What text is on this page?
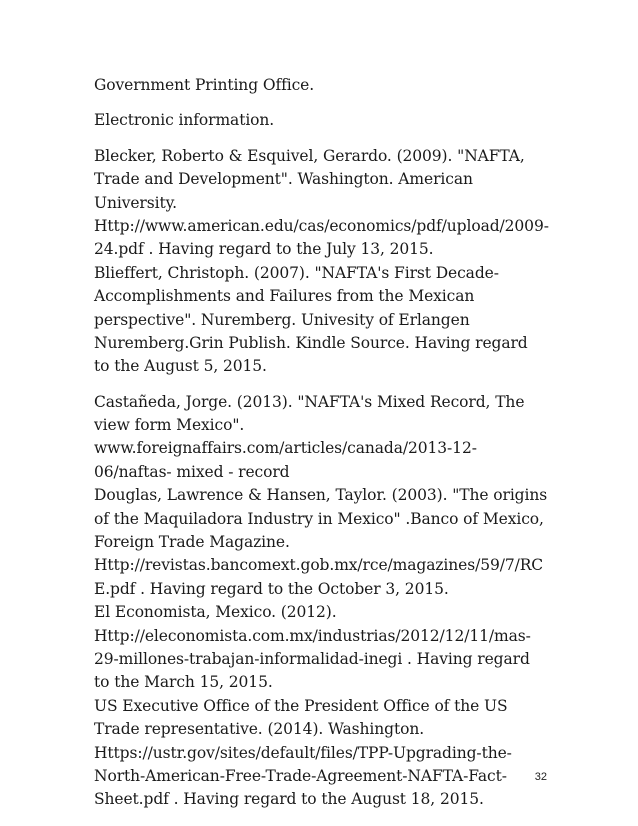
Government Printing Office.
Electronic information.
Blecker, Roberto & Esquivel, Gerardo. (2009). "NAFTA,
Trade and Development". Washington. American
University.
Http://www.american.edu/cas/economics/pdf/upload/2009-
24.pdf . Having regard to the July 13, 2015.
Blieffert, Christoph. (2007). "NAFTA's First Decade-
Accomplishments and Failures from the Mexican
perspective". Nuremberg. Univesity of Erlangen
Nuremberg.Grin Publish. Kindle Source. Having regard
to the August 5, 2015.
Castañeda, Jorge. (2013). "NAFTA's Mixed Record, The
view form Mexico".
www.foreignaffairs.com/articles/canada/2013-12-
06/naftas- mixed - record
Douglas, Lawrence & Hansen, Taylor. (2003). "The origins
of the Maquiladora Industry in Mexico" .Banco of Mexico,
Foreign Trade Magazine.
Http://revistas.bancomext.gob.mx/rce/magazines/59/7/RC
E.pdf . Having regard to the October 3, 2015.
El Economista, Mexico. (2012).
Http://eleconomista.com.mx/industrias/2012/12/11/mas-
29-millones-trabajan-informalidad-inegi . Having regard
to the March 15, 2015.
US Executive Office of the President Office of the US
Trade representative. (2014). Washington.
Https://ustr.gov/sites/default/files/TPP-Upgrading-the-
North-American-Free-Trade-Agreement-NAFTA-Fact-
Sheet.pdf . Having regard to the August 18, 2015.
32
